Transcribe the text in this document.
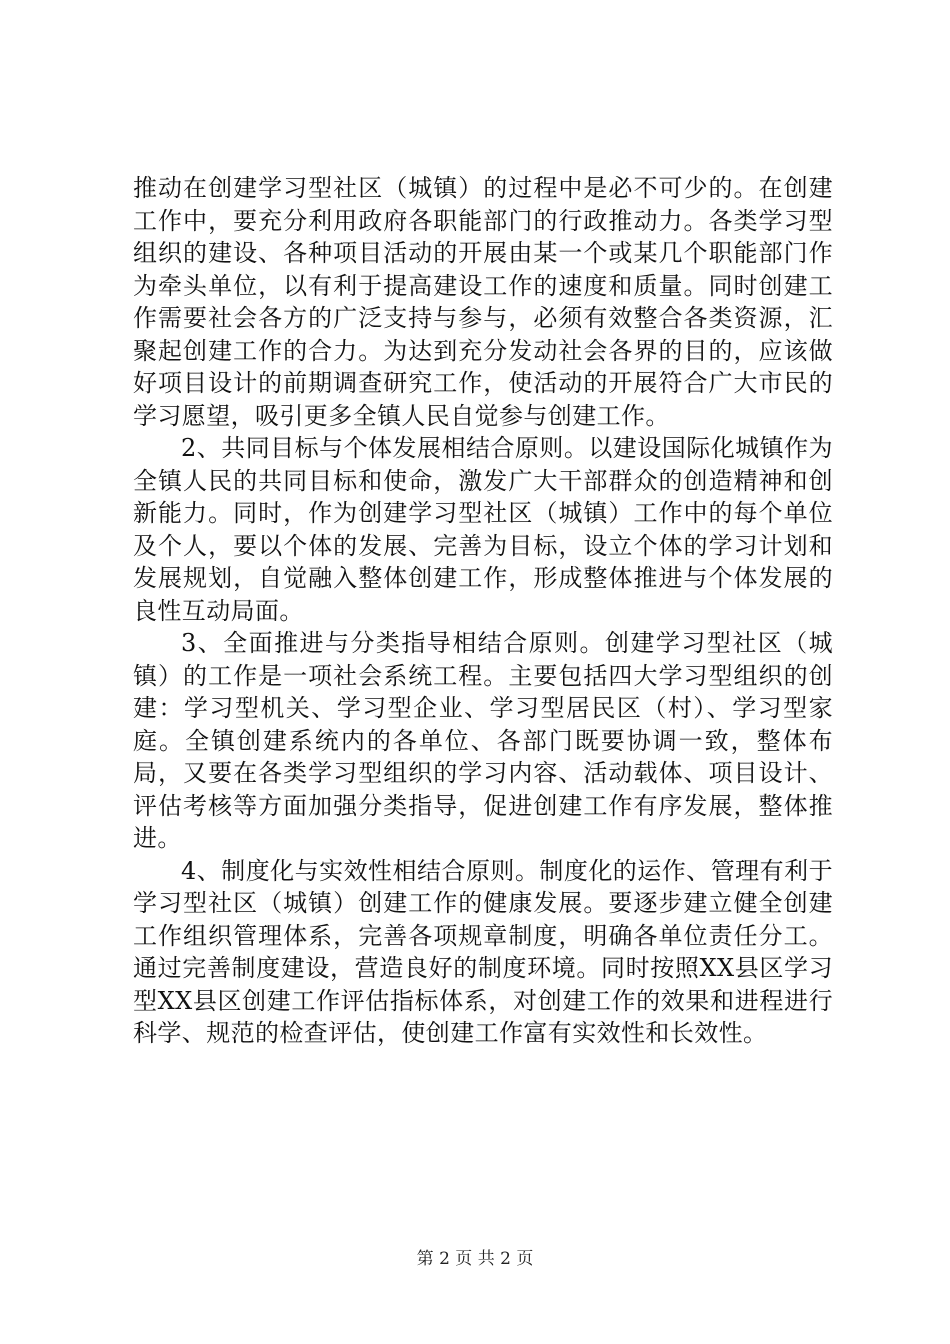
推动在创建学习型社区（城镇）的过程中是必不可少的。在创建工作中，要充分利用政府各职能部门的行政推动力。各类学习型组织的建设、各种项目活动的开展由某一个或某几个职能部门作为牵头单位，以有利于提高建设工作的速度和质量。同时创建工作需要社会各方的广泛支持与参与，必须有效整合各类资源，汇聚起创建工作的合力。为达到充分发动社会各界的目的，应该做好项目设计的前期调查研究工作，使活动的开展符合广大市民的学习愿望，吸引更多全镇人民自觉参与创建工作。

2、共同目标与个体发展相结合原则。以建设国际化城镇作为全镇人民的共同目标和使命，激发广大干部群众的创造精神和创新能力。同时，作为创建学习型社区（城镇）工作中的每个单位及个人，要以个体的发展、完善为目标，设立个体的学习计划和发展规划，自觉融入整体创建工作，形成整体推进与个体发展的良性互动局面。

3、全面推进与分类指导相结合原则。创建学习型社区（城镇）的工作是一项社会系统工程。主要包括四大学习型组织的创建：学习型机关、学习型企业、学习型居民区（村）、学习型家庭。全镇创建系统内的各单位、各部门既要协调一致，整体布局，又要在各类学习型组织的学习内容、活动载体、项目设计、评估考核等方面加强分类指导，促进创建工作有序发展，整体推进。

4、制度化与实效性相结合原则。制度化的运作、管理有利于学习型社区（城镇）创建工作的健康发展。要逐步建立健全创建工作组织管理体系，完善各项规章制度，明确各单位责任分工。通过完善制度建设，营造良好的制度环境。同时按照XX县区学习型XX县区创建工作评估指标体系，对创建工作的效果和进程进行科学、规范的检查评估，使创建工作富有实效性和长效性。

第 2 页 共 2 页
